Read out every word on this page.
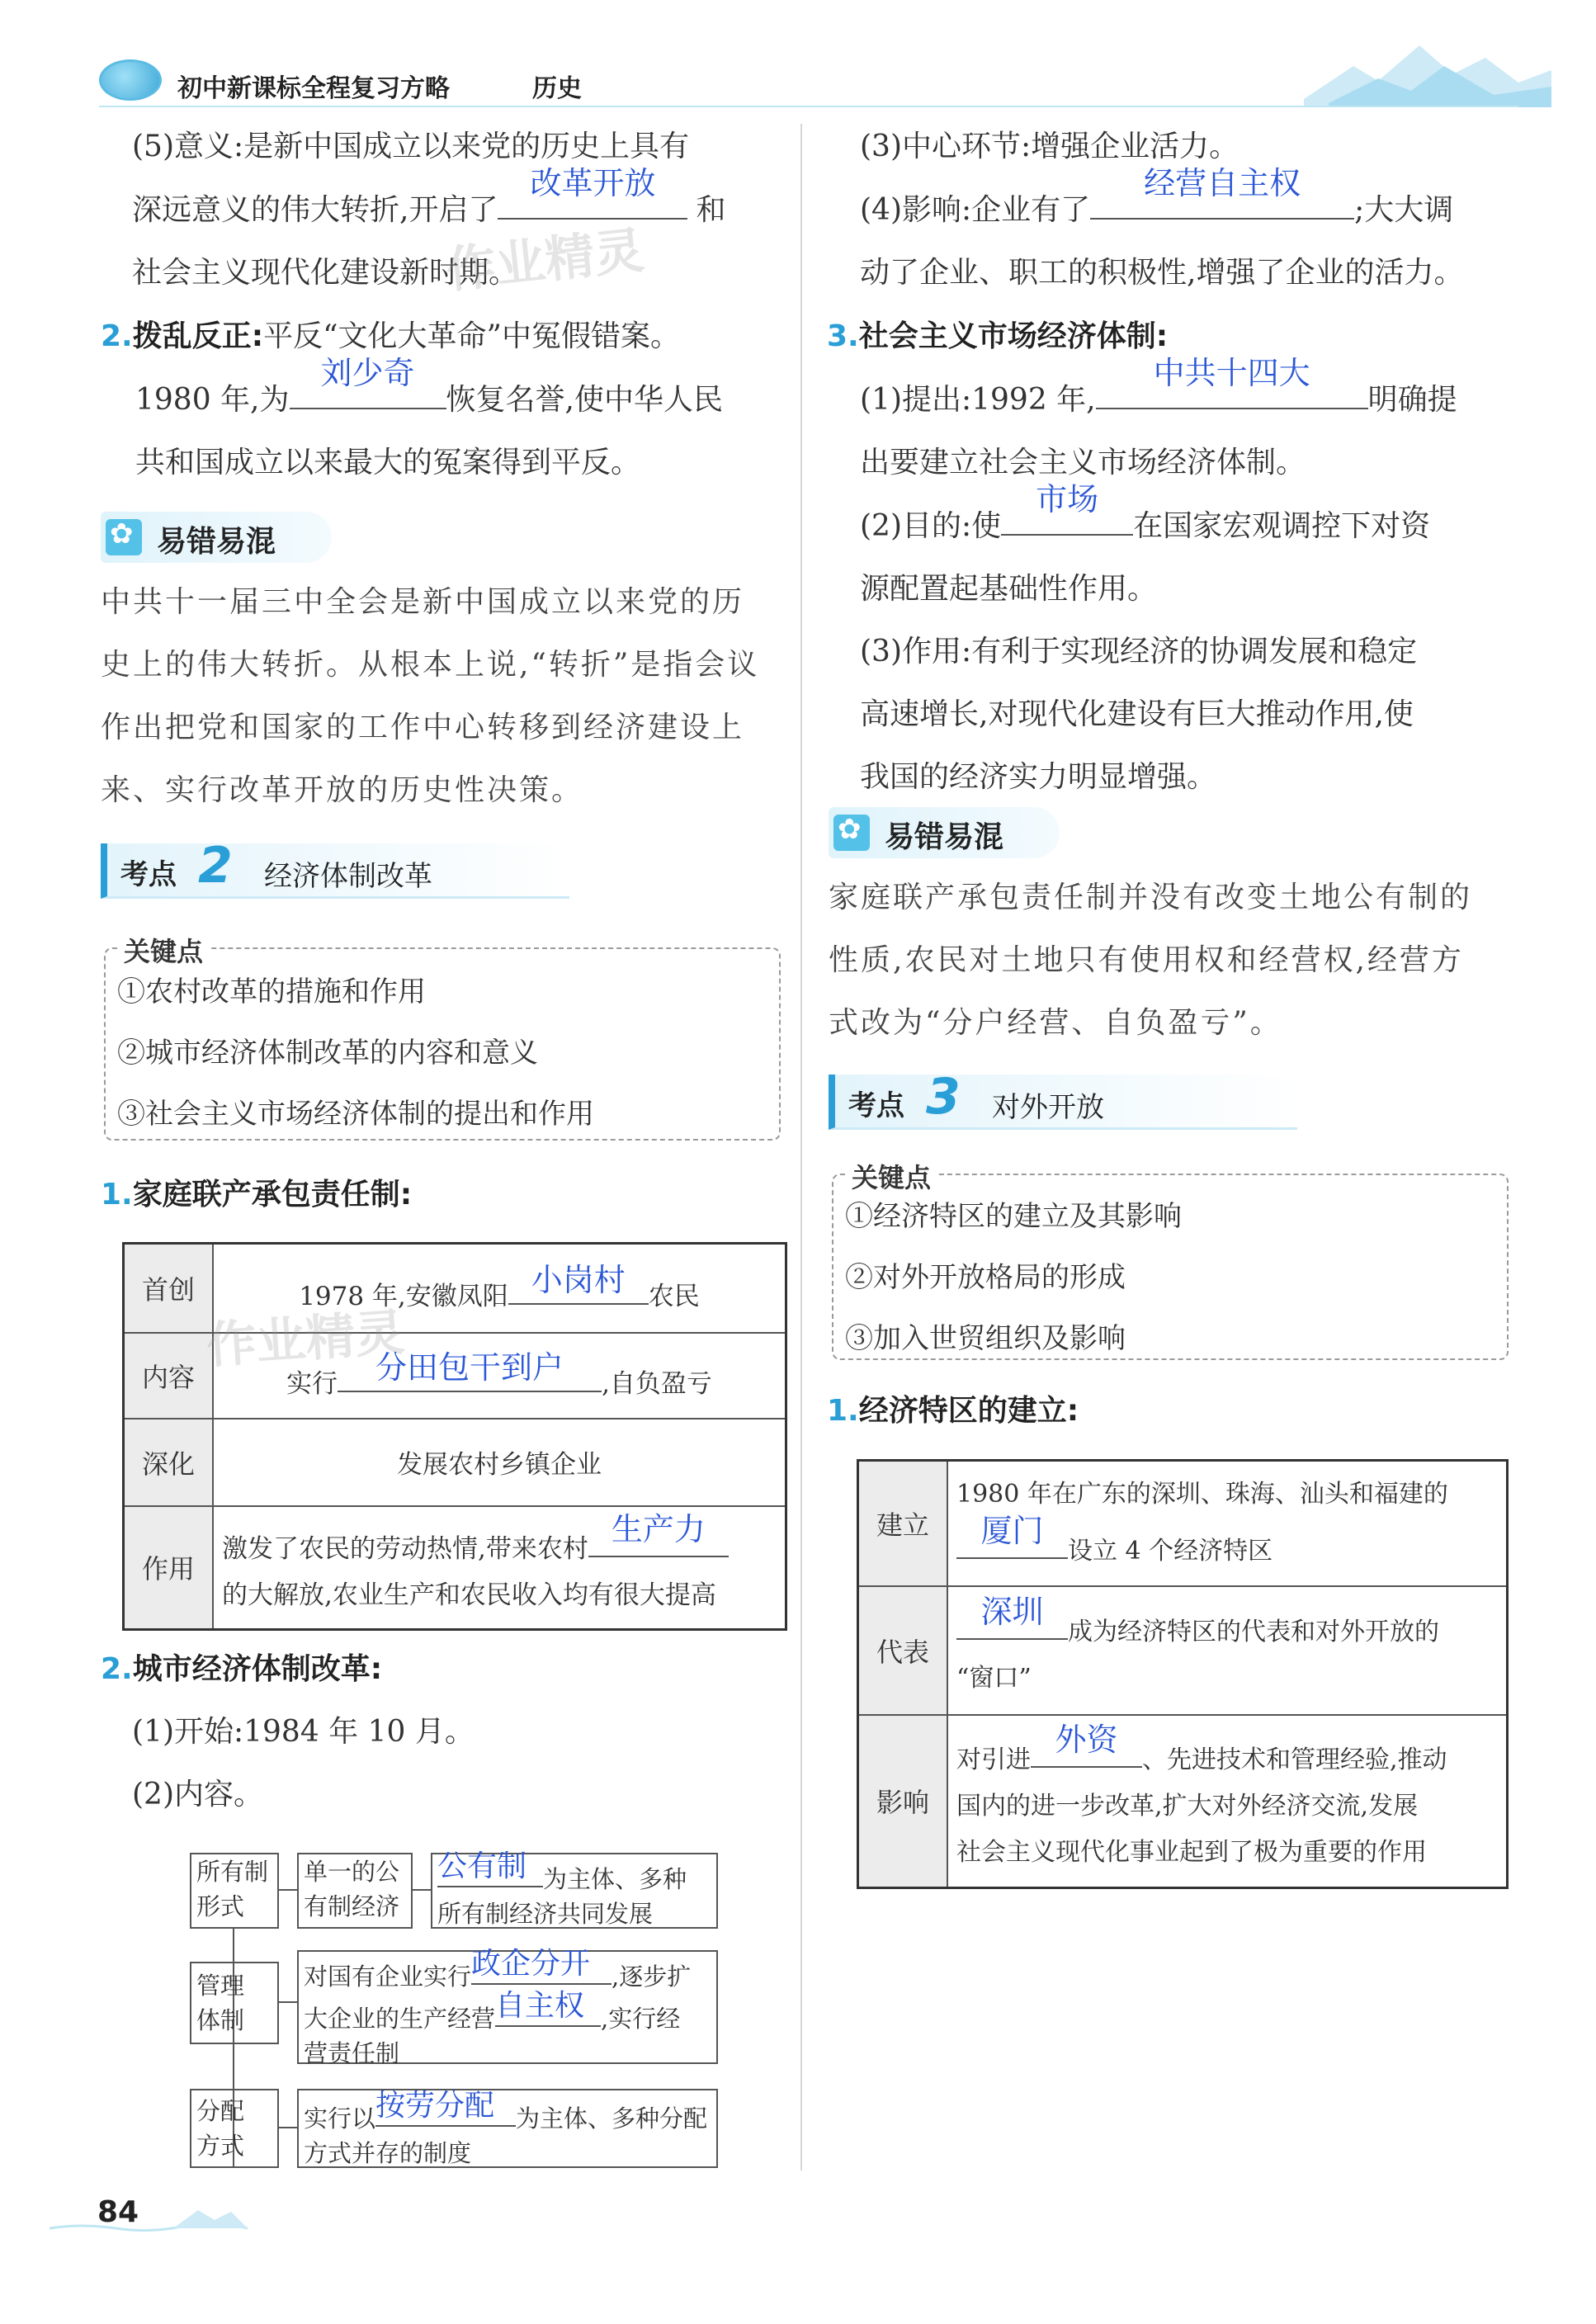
初中新课标全程复习方略	历史
(5)意义:是新中国成立以来党的历史上具有
深远意义的伟大转折,开启了
改革开放
和
社会主义现代化建设新时期。
作业精灵
2.拨乱反正:平反“文化大革命”中冤假错案。
1980 年,为
刘少奇
恢复名誉,使中华人民
共和国成立以来最大的冤案得到平反。
✿
易错易混
中共十一届三中全会是新中国成立以来党的历
史上的伟大转折。从根本上说,“转折”是指会议
作出把党和国家的工作中心转移到经济建设上
来、实行改革开放的历史性决策。
考点 2 经济体制改革
关键点
①农村改革的措施和作用
②城市经济体制改革的内容和意义
③社会主义市场经济体制的提出和作用
1.家庭联产承包责任制:
首创	1978 年,安徽凤阳 小岗村 农民
内容	实行 分田包干到户 ,自负盈亏
深化	发展农村乡镇企业
作用	激发了农民的劳动热情,带来农村
生产力
的大解放,农业生产和农民收入均有很大提高
作业精灵
2.城市经济体制改革:
(1)开始:1984 年 10 月。
(2)内容。
所有制
形式
单一的公
有制经济
公有制 为主体、多种
所有制经济共同发展
管理
体制
对国有企业实行 政企分开 ,逐步扩
大企业的生产经营 自主权 ,实行经
营责任制
分配
方式
实行以 按劳分配 为主体、多种分配
方式并存的制度
(3)中心环节:增强企业活力。
(4)影响:企业有了
经营自主权
;大大调
动了企业、职工的积极性,增强了企业的活力。
3.社会主义市场经济体制:
(1)提出:1992 年,
中共十四大
明确提
出要建立社会主义市场经济体制。
(2)目的:使
市场
在国家宏观调控下对资
源配置起基础性作用。
(3)作用:有利于实现经济的协调发展和稳定
高速增长,对现代化建设有巨大推动作用,使
我国的经济实力明显增强。
✿
易错易混
家庭联产承包责任制并没有改变土地公有制的
性质,农民对土地只有使用权和经营权,经营方
式改为“分户经营、自负盈亏”。
考点 3 对外开放
关键点
①经济特区的建立及其影响
②对外开放格局的形成
③加入世贸组织及影响
1.经济特区的建立:
建立	1980 年在广东的深圳、珠海、汕头和福建的
厦门
设立 4 个经济特区

代表	深圳
成为经济特区的代表和对外开放的
“窗口”

影响	对引进
外资
、先进技术和管理经验,推动
国内的进一步改革,扩大对外经济交流,发展
社会主义现代化事业起到了极为重要的作用
84
